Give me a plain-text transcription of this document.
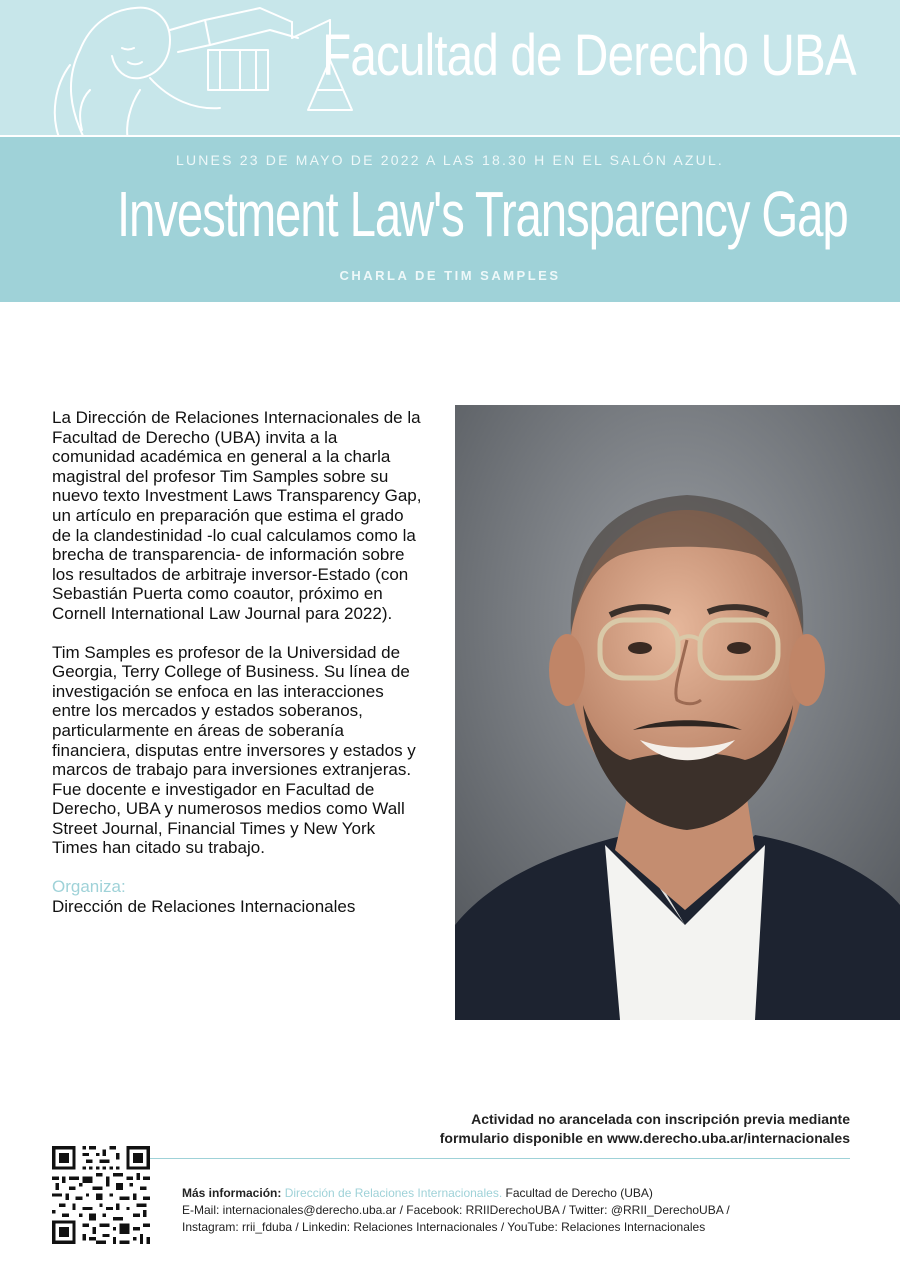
Facultad de Derecho UBA
LUNES 23 DE MAYO DE 2022 A LAS 18.30 H EN EL SALÓN AZUL.
Investment Law's Transparency Gap
CHARLA DE TIM SAMPLES

La Dirección de Relaciones Internacionales de la Facultad de Derecho (UBA) invita a la comunidad académica en general a la charla magistral del profesor Tim Samples sobre su nuevo texto Investment Laws Transparency Gap, un artículo en preparación que estima el grado de la clandestinidad -lo cual calculamos como la brecha de transparencia- de información sobre los resultados de arbitraje inversor-Estado (con Sebastián Puerta como coautor, próximo en Cornell International Law Journal para 2022).

Tim Samples es profesor de la Universidad de Georgia, Terry College of Business. Su línea de investigación se enfoca en las interacciones entre los mercados y estados soberanos, particularmente en áreas de soberanía financiera, disputas entre inversores y estados y marcos de trabajo para inversiones extranjeras. Fue docente e investigador en Facultad de Derecho, UBA y numerosos medios como Wall Street Journal, Financial Times y New York Times han citado su trabajo.

Organiza:
Dirección de Relaciones Internacionales
Actividad no arancelada con inscripción previa mediante
formulario disponible en www.derecho.uba.ar/internacionales
Más información: Dirección de Relaciones Internacionales. Facultad de Derecho (UBA)
E-Mail: internacionales@derecho.uba.ar / Facebook: RRIIDerechoUBA / Twitter: @RRII_DerechoUBA /
Instagram: rrii_fduba / Linkedin: Relaciones Internacionales / YouTube: Relaciones Internacionales
